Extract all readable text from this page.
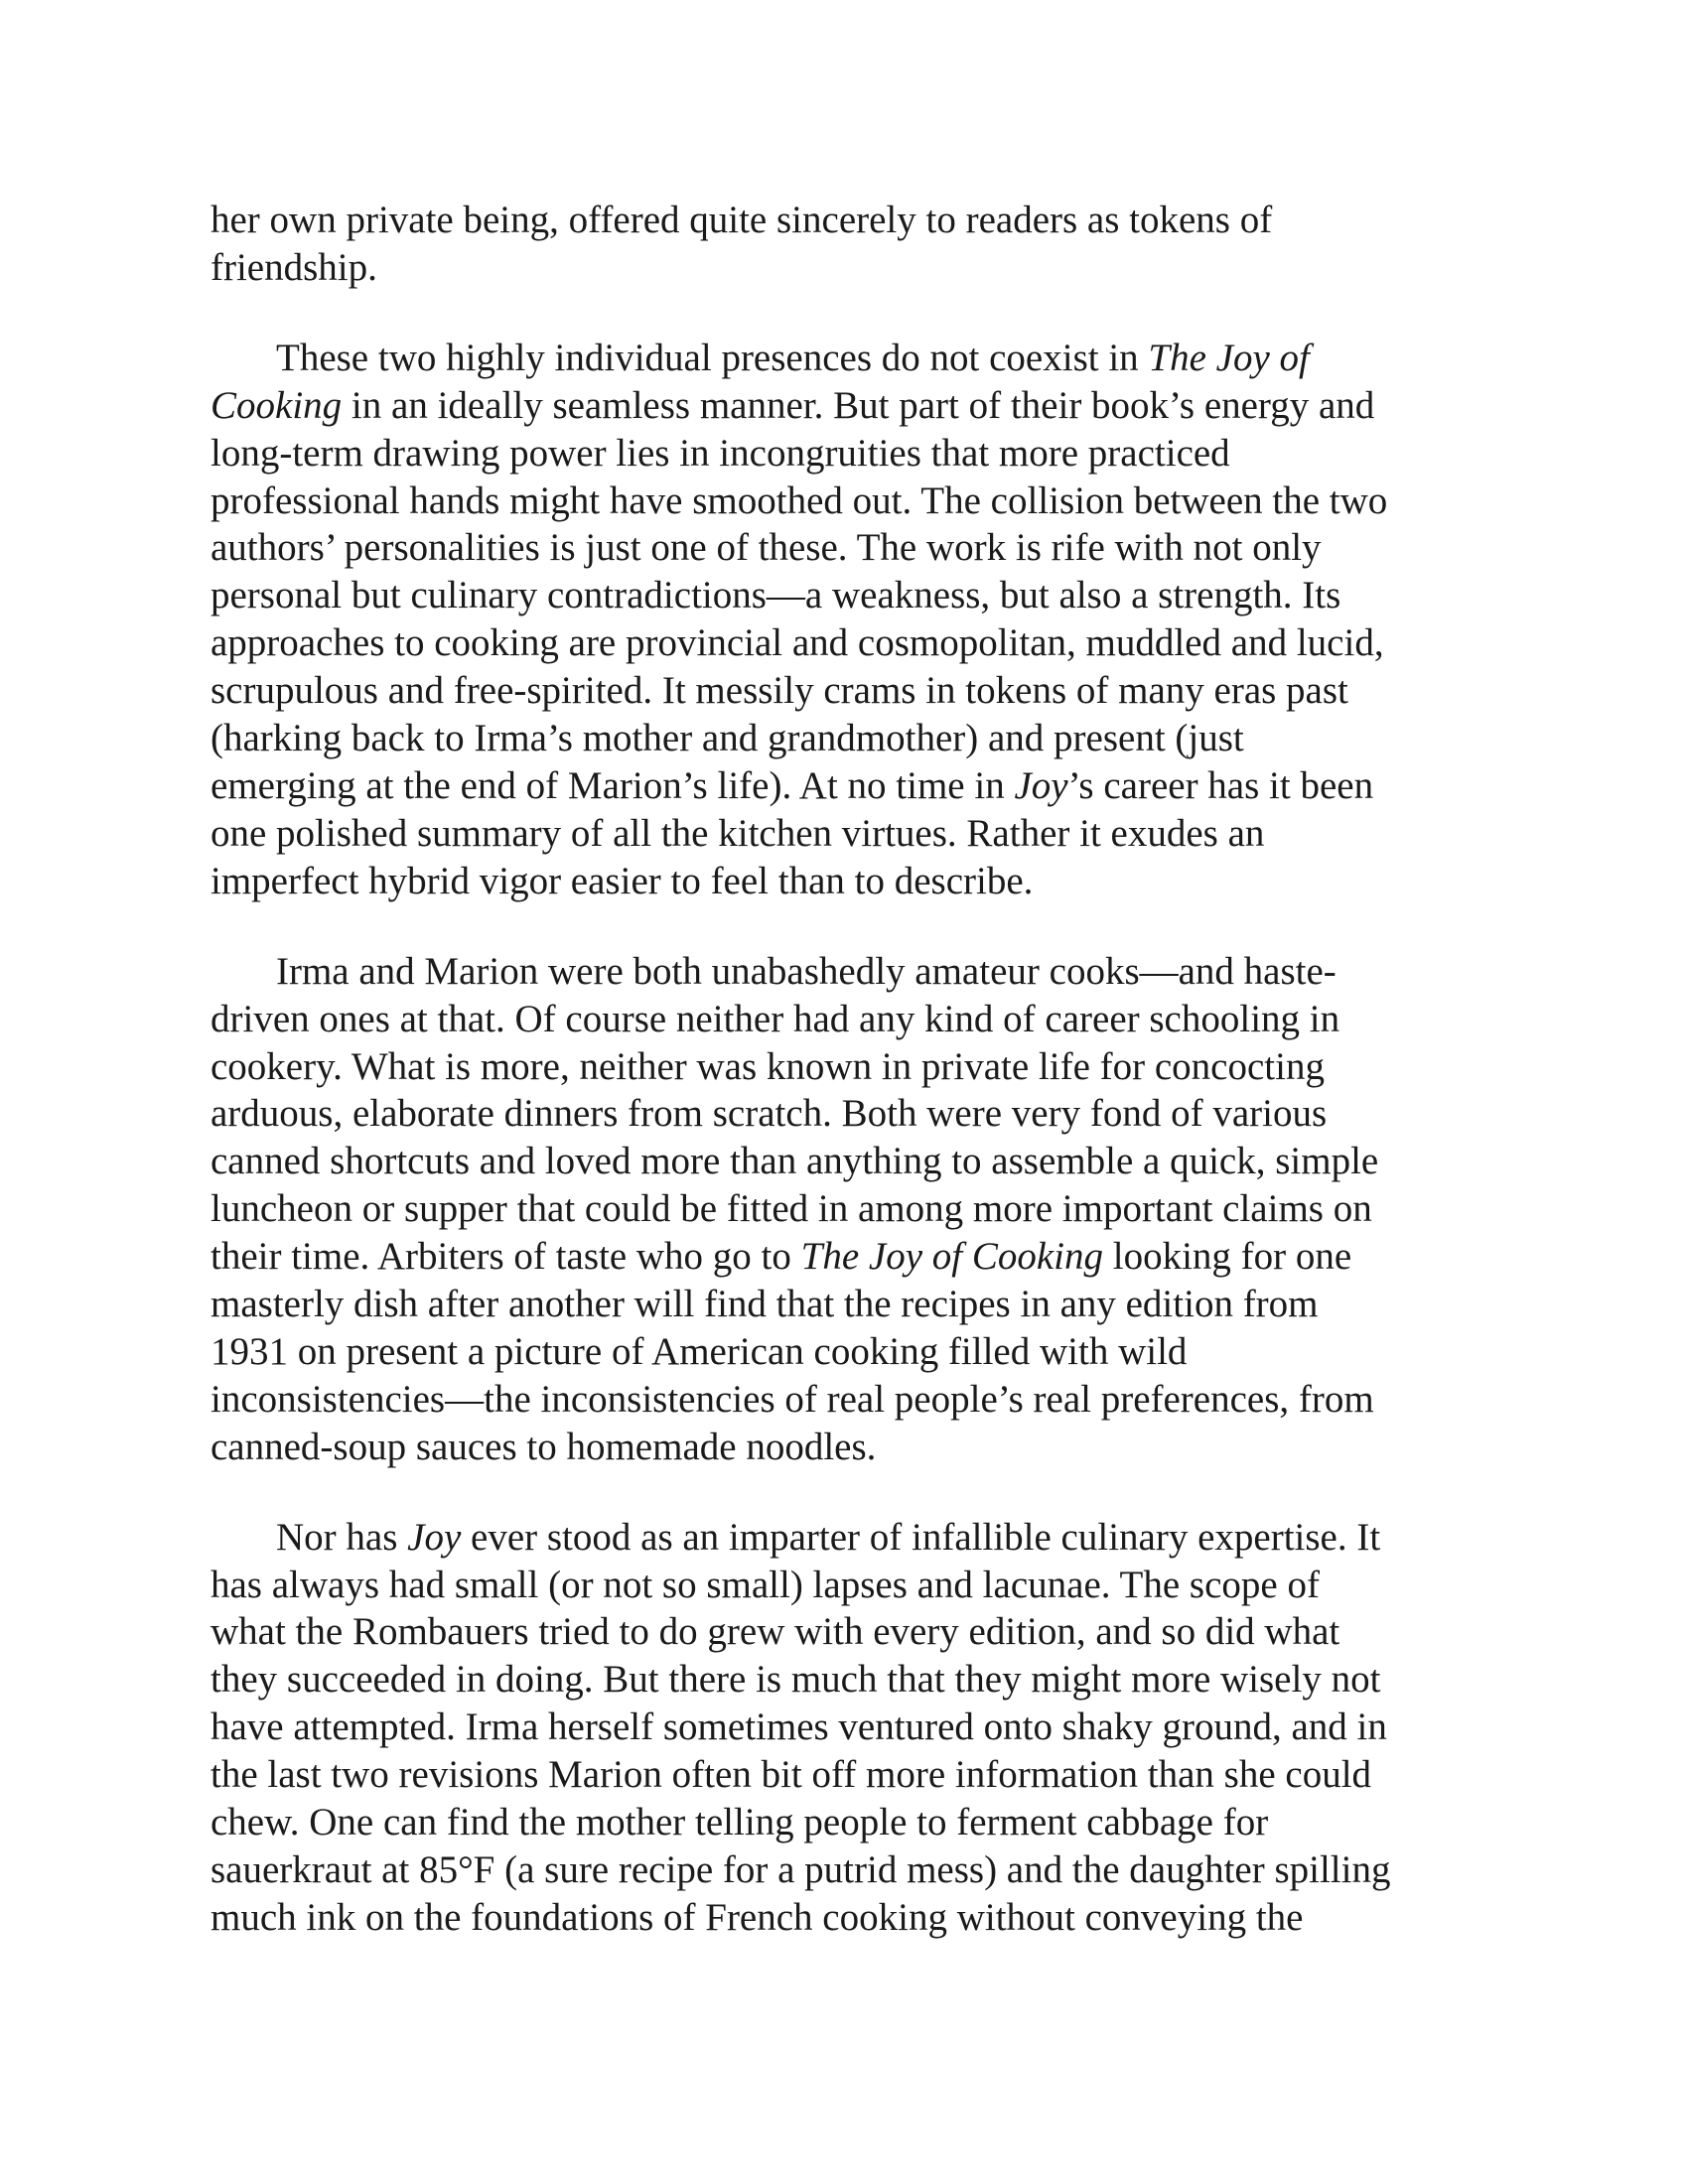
her own private being, offered quite sincerely to readers as tokens of
friendship.
These two highly individual presences do not coexist in The Joy of
Cooking in an ideally seamless manner. But part of their book’s energy and
long-term drawing power lies in incongruities that more practiced
professional hands might have smoothed out. The collision between the two
authors’ personalities is just one of these. The work is rife with not only
personal but culinary contradictions—a weakness, but also a strength. Its
approaches to cooking are provincial and cosmopolitan, muddled and lucid,
scrupulous and free-spirited. It messily crams in tokens of many eras past
(harking back to Irma’s mother and grandmother) and present (just
emerging at the end of Marion’s life). At no time in Joy’s career has it been
one polished summary of all the kitchen virtues. Rather it exudes an
imperfect hybrid vigor easier to feel than to describe.
Irma and Marion were both unabashedly amateur cooks—and haste-
driven ones at that. Of course neither had any kind of career schooling in
cookery. What is more, neither was known in private life for concocting
arduous, elaborate dinners from scratch. Both were very fond of various
canned shortcuts and loved more than anything to assemble a quick, simple
luncheon or supper that could be fitted in among more important claims on
their time. Arbiters of taste who go to The Joy of Cooking looking for one
masterly dish after another will find that the recipes in any edition from
1931 on present a picture of American cooking filled with wild
inconsistencies—the inconsistencies of real people’s real preferences, from
canned-soup sauces to homemade noodles.
Nor has Joy ever stood as an imparter of infallible culinary expertise. It
has always had small (or not so small) lapses and lacunae. The scope of
what the Rombauers tried to do grew with every edition, and so did what
they succeeded in doing. But there is much that they might more wisely not
have attempted. Irma herself sometimes ventured onto shaky ground, and in
the last two revisions Marion often bit off more information than she could
chew. One can find the mother telling people to ferment cabbage for
sauerkraut at 85°F (a sure recipe for a putrid mess) and the daughter spilling
much ink on the foundations of French cooking without conveying the
